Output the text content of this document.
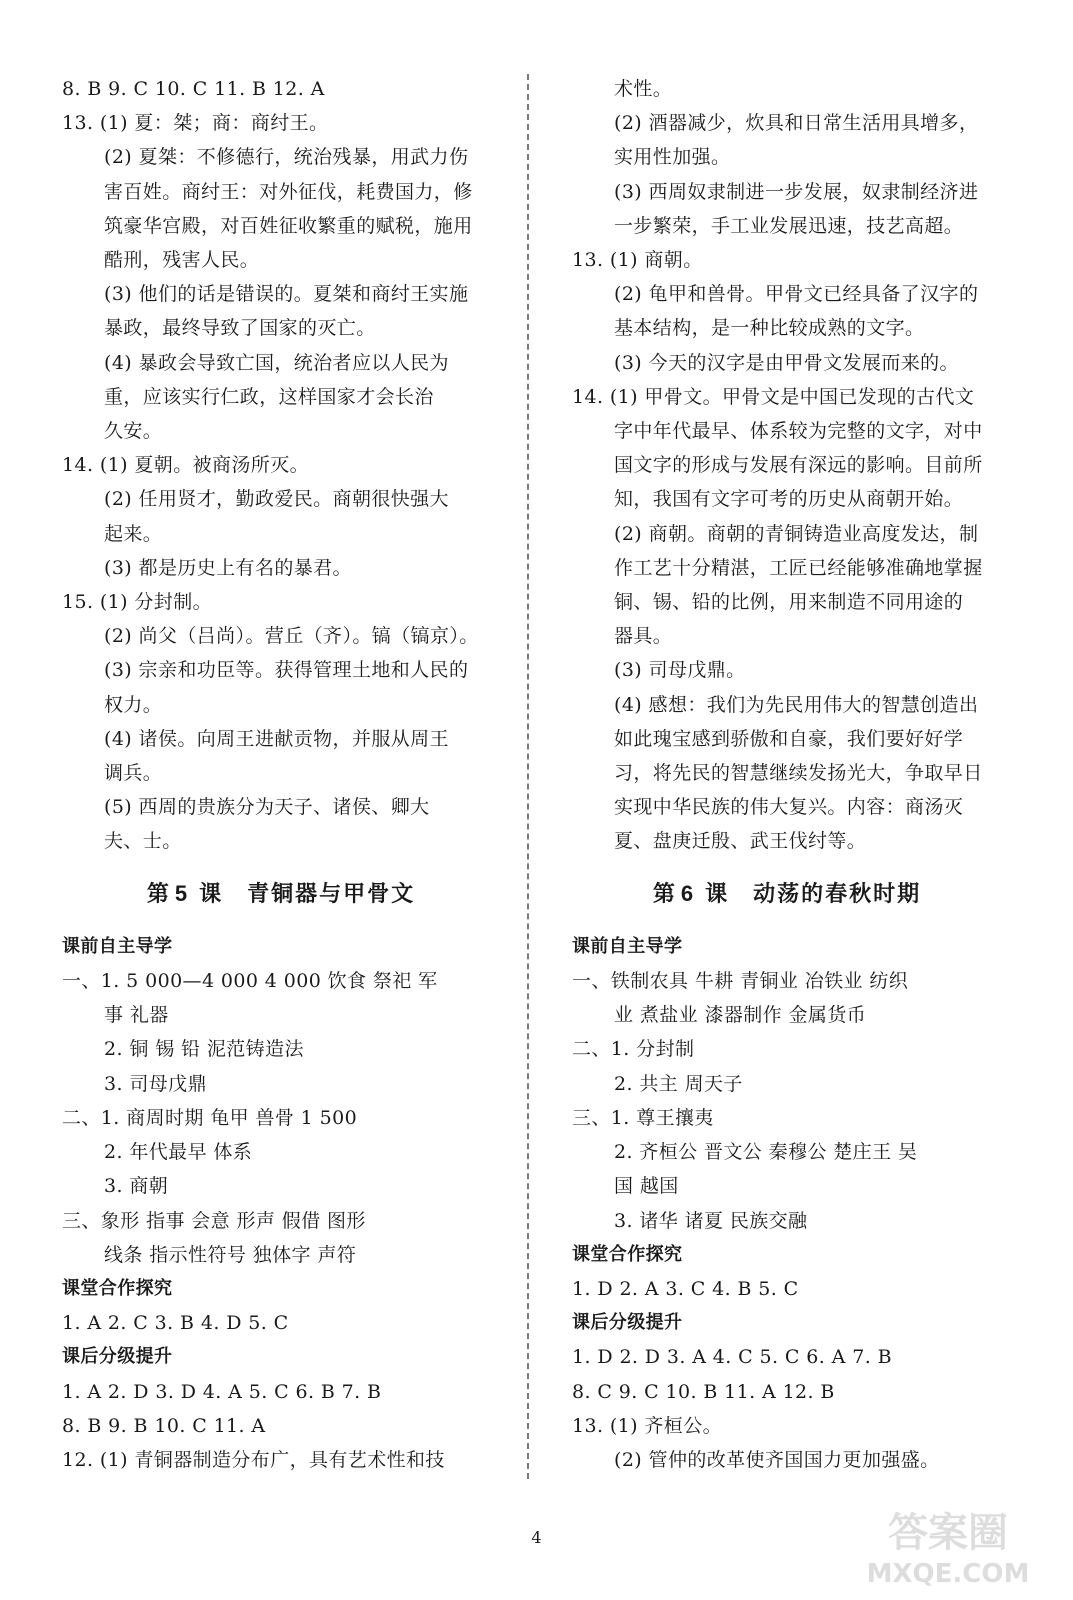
8. B 9. C 10. C 11. B 12. A
13. (1) 夏：桀；商：商纣王。
(2) 夏桀：不修德行，统治残暴，用武力伤
害百姓。商纣王：对外征伐，耗费国力，修
筑豪华宫殿，对百姓征收繁重的赋税，施用
酷刑，残害人民。
(3) 他们的话是错误的。夏桀和商纣王实施
暴政，最终导致了国家的灭亡。
(4) 暴政会导致亡国，统治者应以人民为
重，应该实行仁政，这样国家才会长治
久安。
14. (1) 夏朝。被商汤所灭。
(2) 任用贤才，勤政爱民。商朝很快强大
起来。
(3) 都是历史上有名的暴君。
15. (1) 分封制。
(2) 尚父（吕尚）。营丘（齐）。镐（镐京）。
(3) 宗亲和功臣等。获得管理土地和人民的
权力。
(4) 诸侯。向周王进献贡物，并服从周王
调兵。
(5) 西周的贵族分为天子、诸侯、卿大
夫、士。
第 5 课　青铜器与甲骨文
课前自主导学
一、1. 5 000—4 000 4 000 饮食 祭祀 军
事 礼器
2. 铜 锡 铅 泥范铸造法
3. 司母戊鼎
二、1. 商周时期 龟甲 兽骨 1 500
2. 年代最早 体系
3. 商朝
三、象形 指事 会意 形声 假借 图形
线条 指示性符号 独体字 声符
课堂合作探究
1. A 2. C 3. B 4. D 5. C
课后分级提升
1. A 2. D 3. D 4. A 5. C 6. B 7. B
8. B 9. B 10. C 11. A
12. (1) 青铜器制造分布广，具有艺术性和技
术性。
(2) 酒器减少，炊具和日常生活用具增多，
实用性加强。
(3) 西周奴隶制进一步发展，奴隶制经济进
一步繁荣，手工业发展迅速，技艺高超。
13. (1) 商朝。
(2) 龟甲和兽骨。甲骨文已经具备了汉字的
基本结构，是一种比较成熟的文字。
(3) 今天的汉字是由甲骨文发展而来的。
14. (1) 甲骨文。甲骨文是中国已发现的古代文
字中年代最早、体系较为完整的文字，对中
国文字的形成与发展有深远的影响。目前所
知，我国有文字可考的历史从商朝开始。
(2) 商朝。商朝的青铜铸造业高度发达，制
作工艺十分精湛，工匠已经能够准确地掌握
铜、锡、铅的比例，用来制造不同用途的
器具。
(3) 司母戊鼎。
(4) 感想：我们为先民用伟大的智慧创造出
如此瑰宝感到骄傲和自豪，我们要好好学
习，将先民的智慧继续发扬光大，争取早日
实现中华民族的伟大复兴。内容：商汤灭
夏、盘庚迁殷、武王伐纣等。
第 6 课　动荡的春秋时期
课前自主导学
一、铁制农具 牛耕 青铜业 冶铁业 纺织
业 煮盐业 漆器制作 金属货币
二、1. 分封制
2. 共主 周天子
三、1. 尊王攘夷
2. 齐桓公 晋文公 秦穆公 楚庄王 吴
国 越国
3. 诸华 诸夏 民族交融
课堂合作探究
1. D 2. A 3. C 4. B 5. C
课后分级提升
1. D 2. D 3. A 4. C 5. C 6. A 7. B
8. C 9. C 10. B 11. A 12. B
13. (1) 齐桓公。
(2) 管仲的改革使齐国国力更加强盛。
4	答案圈
MXQE.COM
